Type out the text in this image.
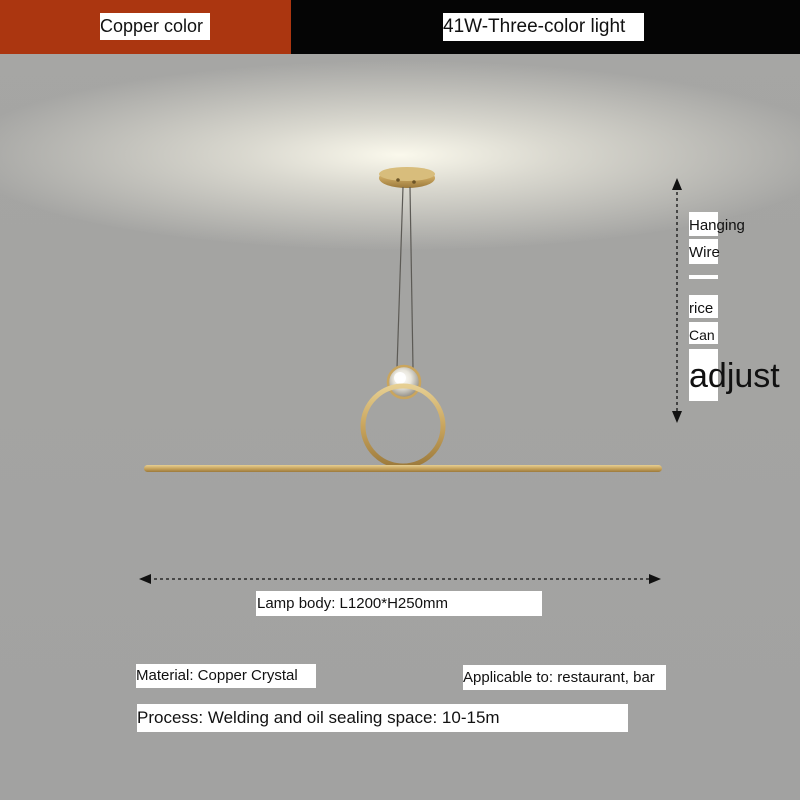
Copper color	41W-Three-color light
Hanging
Wire
rice
Can
adjust
Lamp body: L1200*H250mm
Material: Copper Crystal	Applicable to: restaurant, bar
Process: Welding and oil sealing space: 10-15m
